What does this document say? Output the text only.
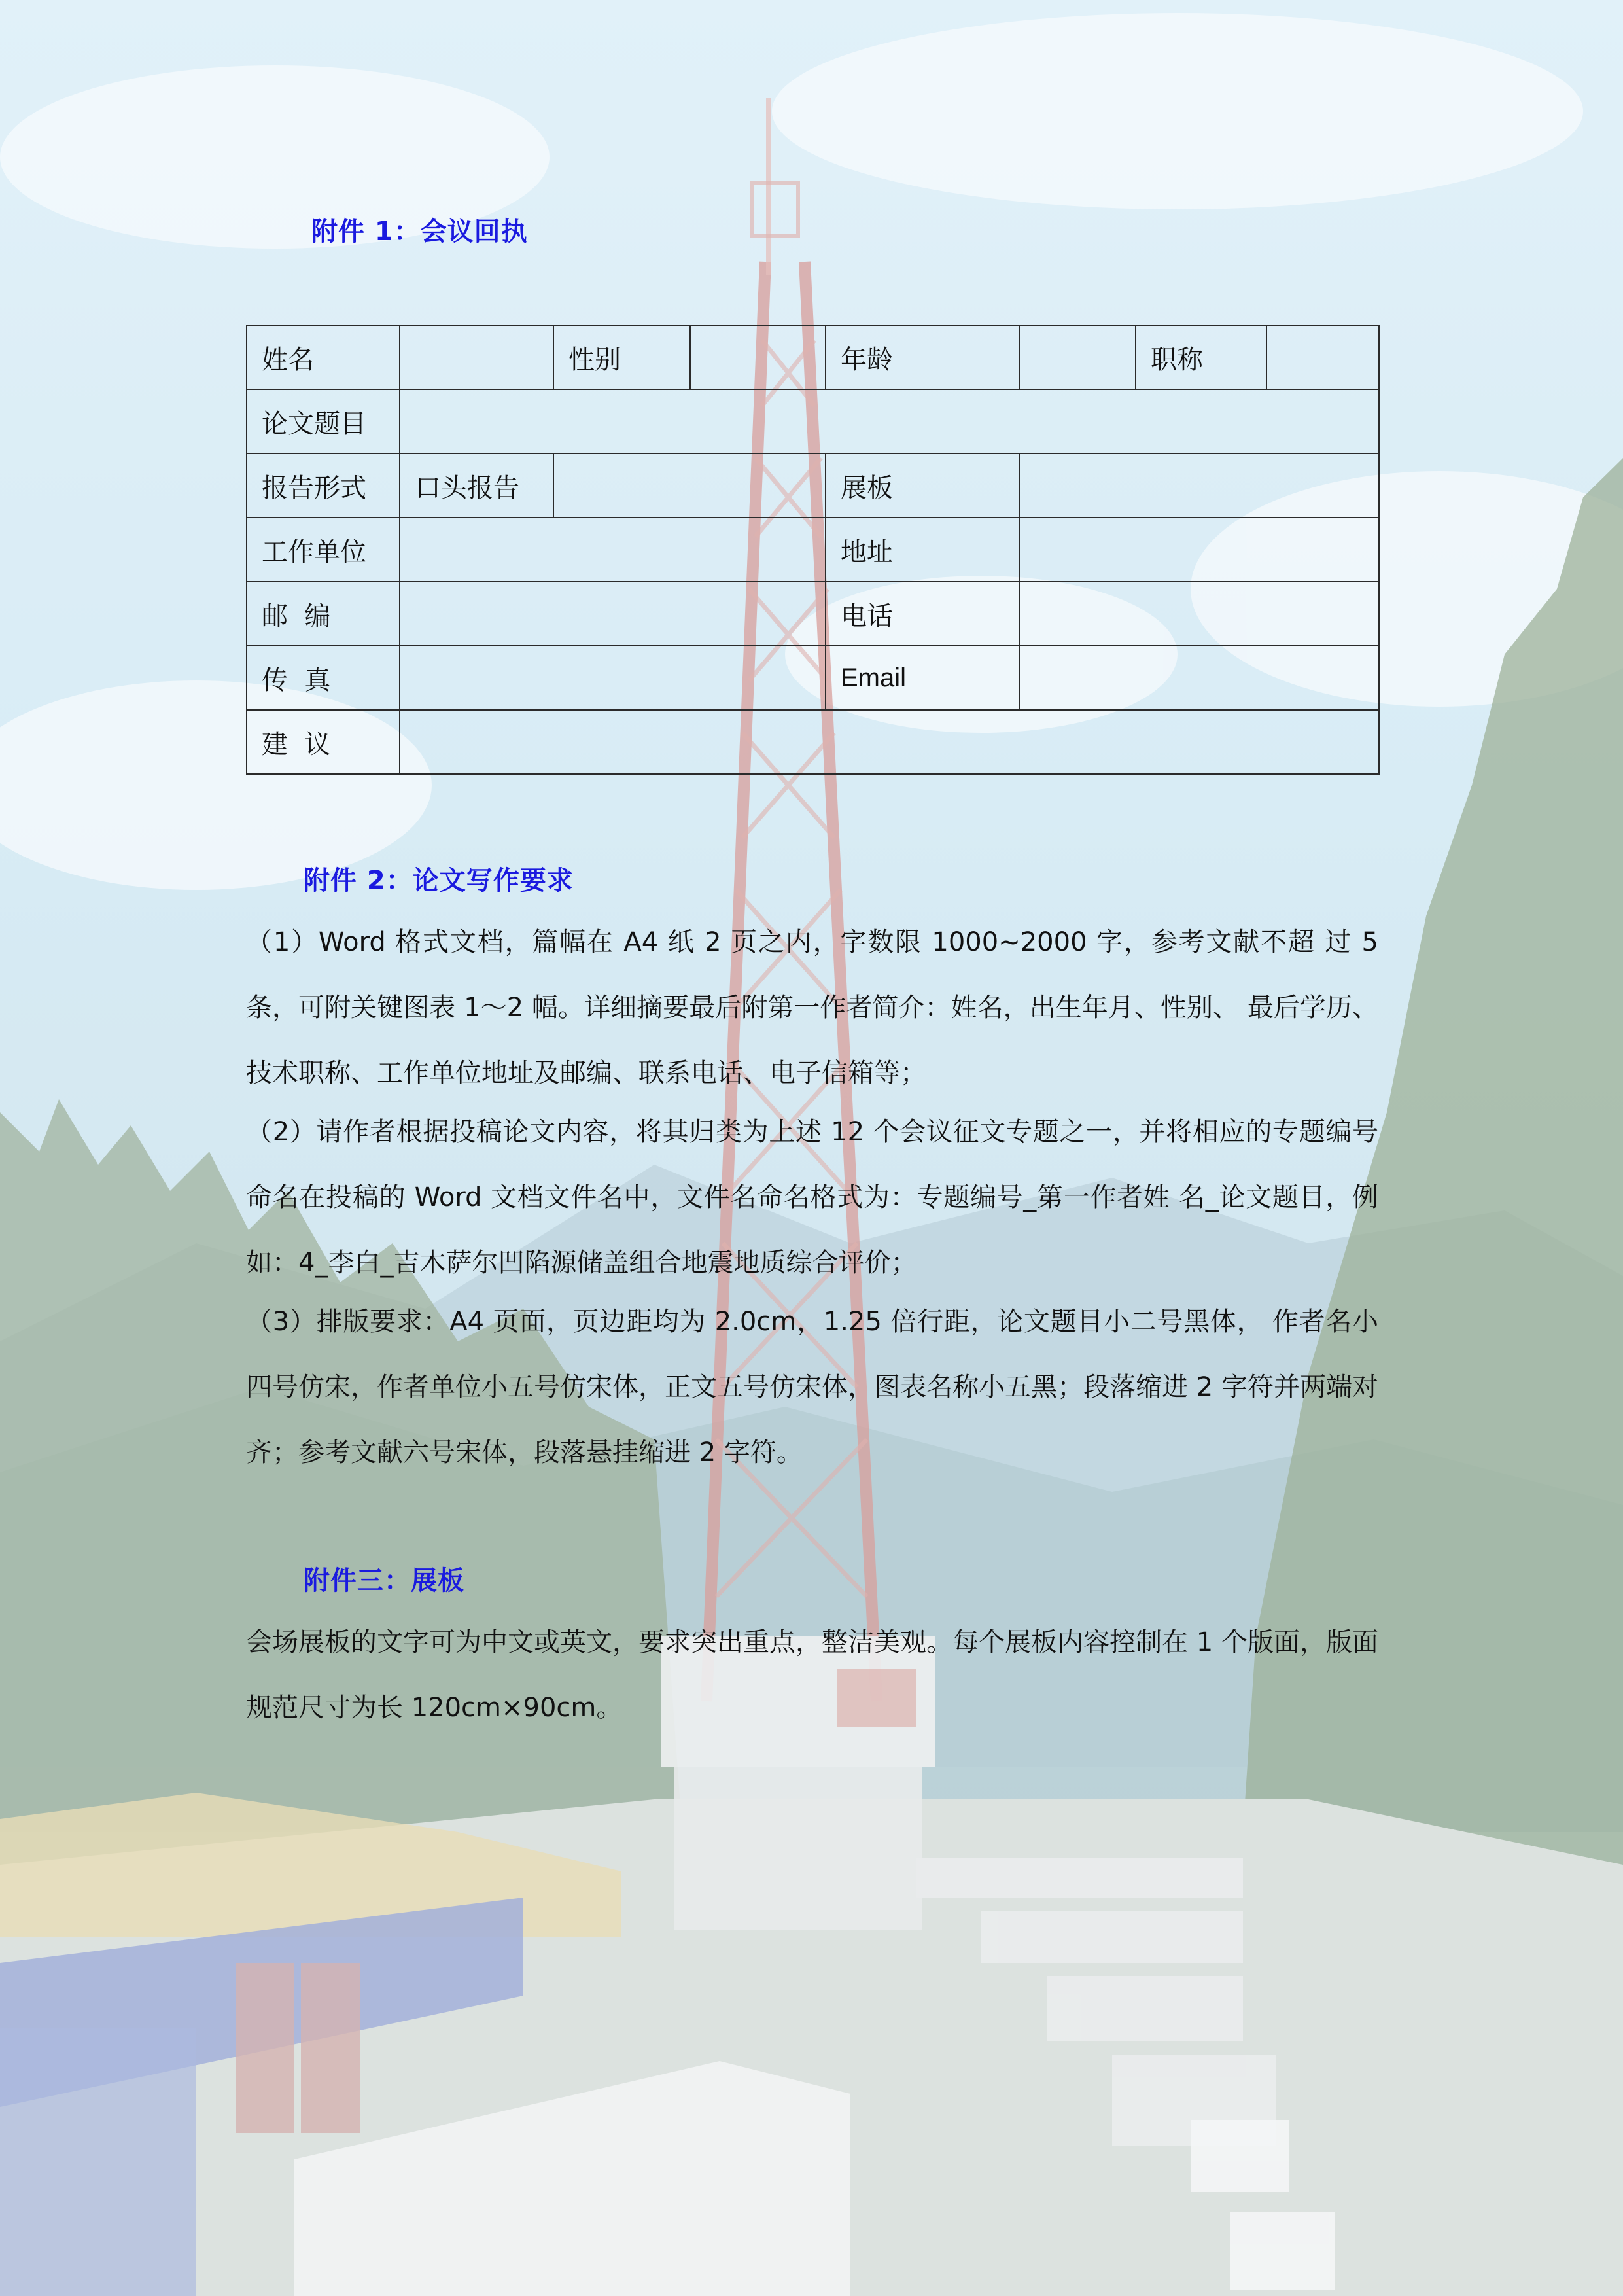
附件 1：会议回执
姓名		性别		年龄		职称	
论文题目							
报告形式	口头报告			展板			
工作单位				地址			
邮  编				电话			
传  真				Email			
建  议							
附件 2：论文写作要求

（1）Word 格式文档，篇幅在 A4 纸 2 页之内，字数限 1000~2000 字，参考文献不超 过 5 条，可附关键图表 1～2 幅。详细摘要最后附第一作者简介：姓名，出生年月、性别、 最后学历、技术职称、工作单位地址及邮编、联系电话、电子信箱等；

（2）请作者根据投稿论文内容，将其归类为上述 12 个会议征文专题之一，并将相应的专题编号命名在投稿的 Word 文档文件名中，文件名命名格式为：专题编号_第一作者姓 名_论文题目，例如：4_李白_吉木萨尔凹陷源储盖组合地震地质综合评价；

（3）排版要求：A4 页面，页边距均为 2.0cm，1.25 倍行距，论文题目小二号黑体， 作者名小四号仿宋，作者单位小五号仿宋体，正文五号仿宋体，图表名称小五黑；段落缩进 2 字符并两端对齐；参考文献六号宋体，段落悬挂缩进 2 字符。

附件三：展板

会场展板的文字可为中文或英文，要求突出重点，整洁美观。每个展板内容控制在 1 个版面，版面规范尺寸为长 120cm×90cm。
